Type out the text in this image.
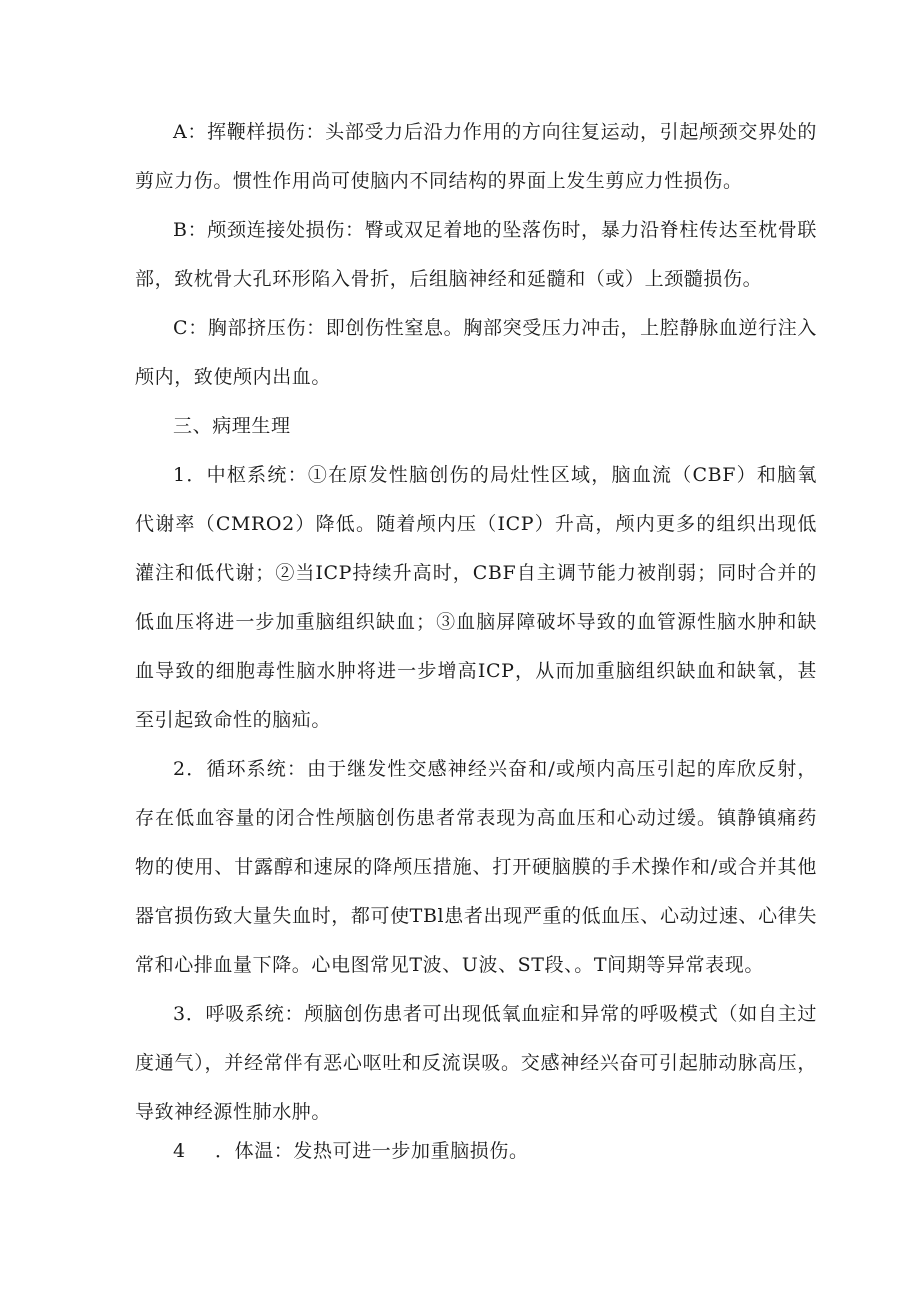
A：挥鞭样损伤：头部受力后沿力作用的方向往复运动，引起颅颈交界处的剪应力伤。惯性作用尚可使脑内不同结构的界面上发生剪应力性损伤。

B：颅颈连接处损伤：臀或双足着地的坠落伤时，暴力沿脊柱传达至枕骨联部，致枕骨大孔环形陷入骨折，后组脑神经和延髓和（或）上颈髓损伤。

C：胸部挤压伤：即创伤性窒息。胸部突受压力冲击，上腔静脉血逆行注入颅内，致使颅内出血。

三、病理生理

1．中枢系统：①在原发性脑创伤的局灶性区域，脑血流（CBF）和脑氧代谢率（CMRO2）降低。随着颅内压（ICP）升高，颅内更多的组织出现低灌注和低代谢；②当ICP持续升高时，CBF自主调节能力被削弱；同时合并的低血压将进一步加重脑组织缺血；③血脑屏障破坏导致的血管源性脑水肿和缺血导致的细胞毒性脑水肿将进一步增高ICP，从而加重脑组织缺血和缺氧，甚至引起致命性的脑疝。

2．循环系统：由于继发性交感神经兴奋和/或颅内高压引起的库欣反射，存在低血容量的闭合性颅脑创伤患者常表现为高血压和心动过缓。镇静镇痛药物的使用、甘露醇和速尿的降颅压措施、打开硬脑膜的手术操作和/或合并其他器官损伤致大量失血时，都可使TBl患者出现严重的低血压、心动过速、心律失常和心排血量下降。心电图常见T波、U波、ST段、。T间期等异常表现。

3．呼吸系统：颅脑创伤患者可出现低氧血症和异常的呼吸模式（如自主过度通气），并经常伴有恶心呕吐和反流误吸。交感神经兴奋可引起肺动脉高压，导致神经源性肺水肿。

4 ．体温：发热可进一步加重脑损伤。
